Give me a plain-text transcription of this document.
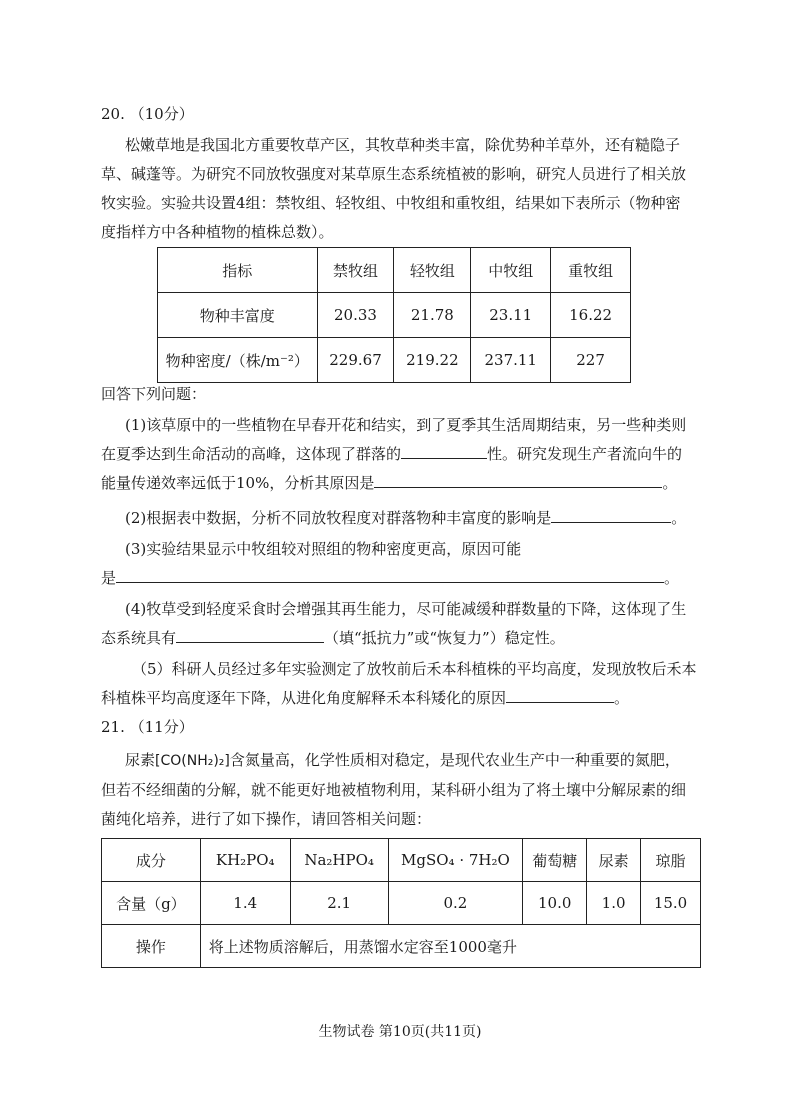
20. （10分）
松嫩草地是我国北方重要牧草产区，其牧草种类丰富，除优势种羊草外，还有糙隐子
草、碱蓬等。为研究不同放牧强度对某草原生态系统植被的影响，研究人员进行了相关放
牧实验。实验共设置4组：禁牧组、轻牧组、中牧组和重牧组，结果如下表所示（物种密
度指样方中各种植物的植株总数）。
指标	禁牧组	轻牧组	中牧组	重牧组
物种丰富度	20.33	21.78	23.11	16.22
物种密度/（株/m⁻²）	229.67	219.22	237.11	227
回答下列问题：
(1)该草原中的一些植物在早春开花和结实，到了夏季其生活周期结束，另一些种类则
在夏季达到生命活动的高峰，这体现了群落的	性。研究发现生产者流向牛的
能量传递效率远低于10%，分析其原因是	。
(2)根据表中数据，分析不同放牧程度对群落物种丰富度的影响是	。
(3)实验结果显示中牧组较对照组的物种密度更高，原因可能
是	。
(4)牧草受到轻度采食时会增强其再生能力，尽可能减缓种群数量的下降，这体现了生
态系统具有	（填“抵抗力”或“恢复力”）稳定性。
（5）科研人员经过多年实验测定了放牧前后禾本科植株的平均高度，发现放牧后禾本
科植株平均高度逐年下降，从进化角度解释禾本科矮化的原因	。
21. （11分）
尿素[CO(NH₂)₂]含氮量高，化学性质相对稳定，是现代农业生产中一种重要的氮肥，
但若不经细菌的分解，就不能更好地被植物利用，某科研小组为了将土壤中分解尿素的细
菌纯化培养，进行了如下操作，请回答相关问题：
成分	KH₂PO₄	Na₂HPO₄	MgSO₄ · 7H₂O	葡萄糖	尿素	琼脂
含量（g）	1.4	2.1	0.2	10.0	1.0	15.0
操作	将上述物质溶解后，用蒸馏水定容至1000毫升					
生物试卷 第10页(共11页)
